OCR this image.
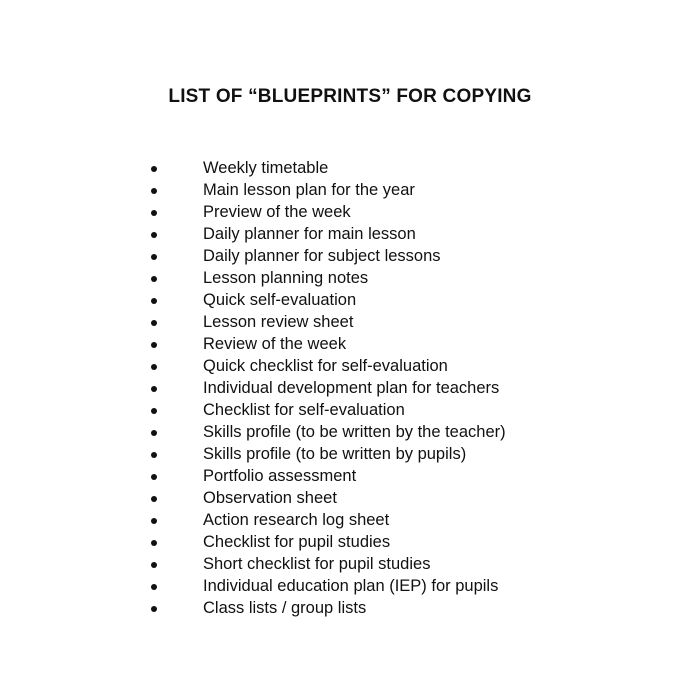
LIST OF “BLUEPRINTS” FOR COPYING
Weekly timetable
Main lesson plan for the year
Preview of the week
Daily planner for main lesson
Daily planner for subject lessons
Lesson planning notes
Quick self-evaluation
Lesson review sheet
Review of the week
Quick checklist for self-evaluation
Individual development plan for teachers
Checklist for self-evaluation
Skills profile (to be written by the teacher)
Skills profile (to be written by pupils)
Portfolio assessment
Observation sheet
Action research log sheet
Checklist for pupil studies
Short checklist for pupil studies
Individual education plan (IEP) for pupils
Class lists / group lists
